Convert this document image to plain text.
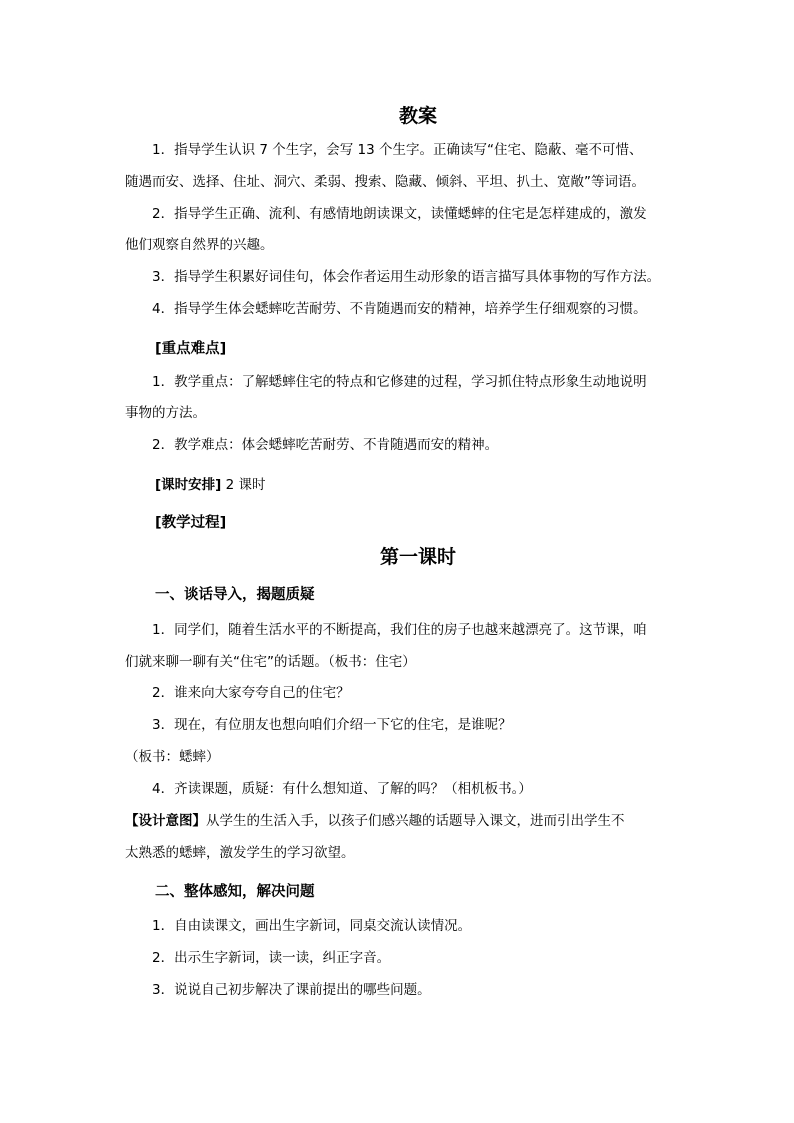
教案
1．指导学生认识 7 个生字，会写 13 个生字。正确读写“住宅、隐蔽、毫不可惜、
随遇而安、选择、住址、洞穴、柔弱、搜索、隐藏、倾斜、平坦、扒土、宽敞”等词语。
2．指导学生正确、流利、有感情地朗读课文，读懂蟋蟀的住宅是怎样建成的，激发
他们观察自然界的兴趣。
3．指导学生积累好词佳句，体会作者运用生动形象的语言描写具体事物的写作方法。
4．指导学生体会蟋蟀吃苦耐劳、不肯随遇而安的精神，培养学生仔细观察的习惯。
[重点难点]
1．教学重点：了解蟋蟀住宅的特点和它修建的过程，学习抓住特点形象生动地说明
事物的方法。
2．教学难点：体会蟋蟀吃苦耐劳、不肯随遇而安的精神。
[课时安排] 2 课时
[教学过程]
第一课时
一、谈话导入，揭题质疑
1．同学们，随着生活水平的不断提高，我们住的房子也越来越漂亮了。这节课，咱
们就来聊一聊有关“住宅”的话题。（板书：住宅）
2．谁来向大家夸夸自己的住宅？
3．现在，有位朋友也想向咱们介绍一下它的住宅，是谁呢？
（板书：蟋蟀）
4．齐读课题，质疑：有什么想知道、了解的吗？（相机板书。）
【设计意图】从学生的生活入手，以孩子们感兴趣的话题导入课文，进而引出学生不
太熟悉的蟋蟀，激发学生的学习欲望。
二、整体感知，解决问题
1．自由读课文，画出生字新词，同桌交流认读情况。
2．出示生字新词，读一读，纠正字音。
3．说说自己初步解决了课前提出的哪些问题。
